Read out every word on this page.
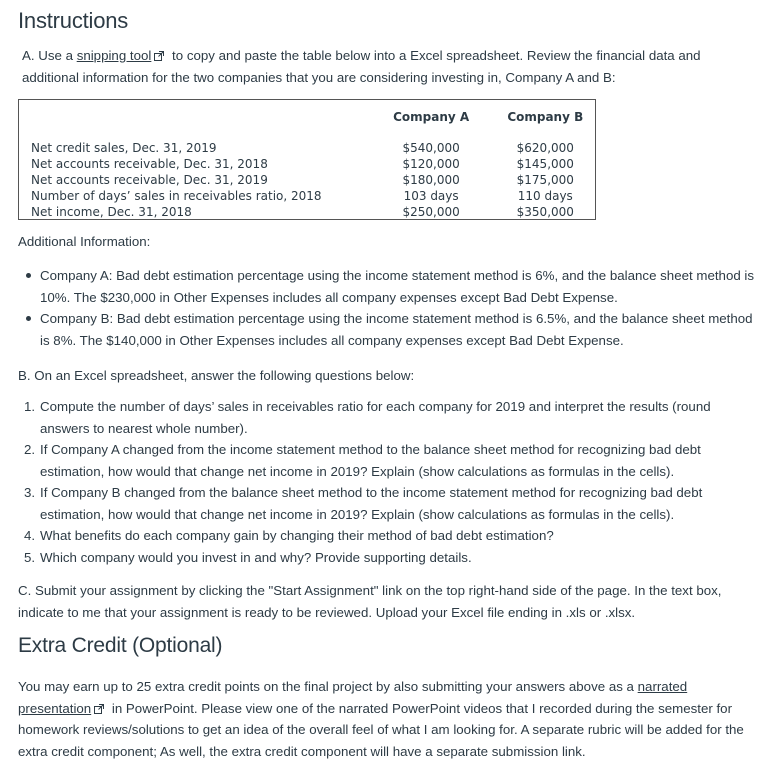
Instructions

A. Use a snipping tool to copy and paste the table below into a Excel spreadsheet. Review the financial data and additional information for the two companies that you are considering investing in, Company A and B:

	Company A	Company B

Net credit sales, Dec. 31, 2019	$540,000	$620,000
Net accounts receivable, Dec. 31, 2018	$120,000	$145,000
Net accounts receivable, Dec. 31, 2019	$180,000	$175,000
Number of days’ sales in receivables ratio, 2018	103 days	110 days
Net income, Dec. 31, 2018	$250,000	$350,000

Additional Information:

Company A: Bad debt estimation percentage using the income statement method is 6%, and the balance sheet method is 10%. The $230,000 in Other Expenses includes all company expenses except Bad Debt Expense.
Company B: Bad debt estimation percentage using the income statement method is 6.5%, and the balance sheet method is 8%. The $140,000 in Other Expenses includes all company expenses except Bad Debt Expense.

B. On an Excel spreadsheet, answer the following questions below:

1. Compute the number of days’ sales in receivables ratio for each company for 2019 and interpret the results (round answers to nearest whole number).
2. If Company A changed from the income statement method to the balance sheet method for recognizing bad debt estimation, how would that change net income in 2019? Explain (show calculations as formulas in the cells).
3. If Company B changed from the balance sheet method to the income statement method for recognizing bad debt estimation, how would that change net income in 2019? Explain (show calculations as formulas in the cells).
4. What benefits do each company gain by changing their method of bad debt estimation?
5. Which company would you invest in and why? Provide supporting details.

C. Submit your assignment by clicking the "Start Assignment" link on the top right-hand side of the page. In the text box, indicate to me that your assignment is ready to be reviewed. Upload your Excel file ending in .xls or .xlsx.

Extra Credit (Optional)

You may earn up to 25 extra credit points on the final project by also submitting your answers above as a narrated presentation in PowerPoint. Please view one of the narrated PowerPoint videos that I recorded during the semester for homework reviews/solutions to get an idea of the overall feel of what I am looking for. A separate rubric will be added for the extra credit component; As well, the extra credit component will have a separate submission link.
